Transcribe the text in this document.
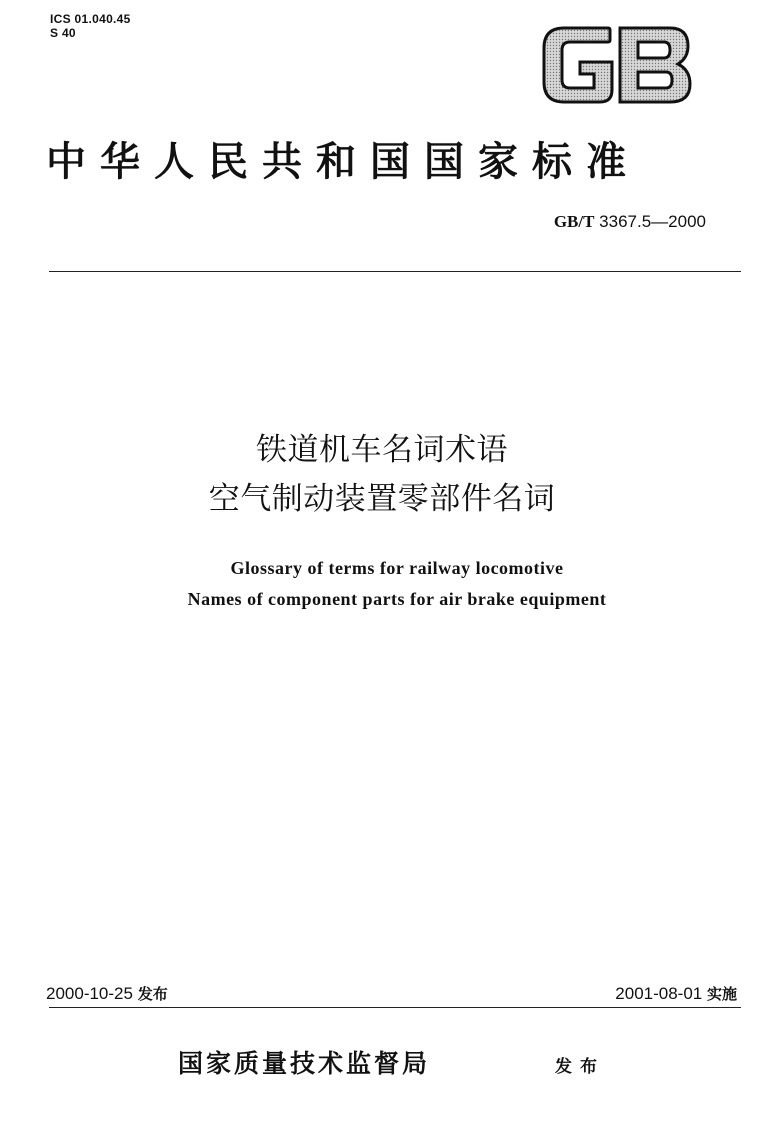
ICS 01.040.45
S 40
中华人民共和国国家标准
GB/T 3367.5—2000
铁道机车名词术语
空气制动装置零部件名词
Glossary of terms for railway locomotive
Names of component parts for air brake equipment
2000-10-25 发布	2001-08-01 实施
国家质量技术监督局	发布
